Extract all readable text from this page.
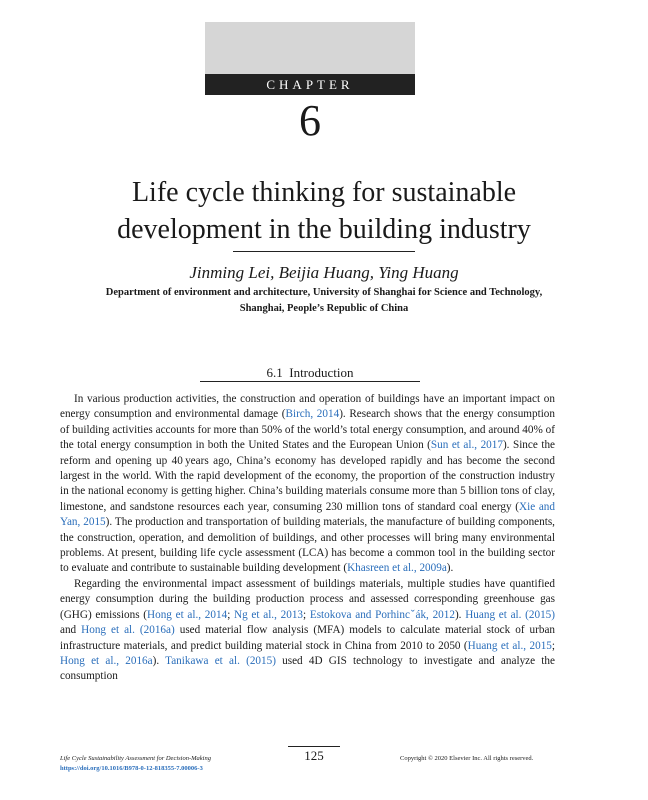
CHAPTER
6
Life cycle thinking for sustainable
development in the building industry
Jinming Lei, Beijia Huang, Ying Huang
Department of environment and architecture, University of Shanghai for Science and Technology,
Shanghai, People’s Republic of China
6.1 Introduction

In various production activities, the construction and operation of buildings have an important impact on energy consumption and environmental damage (Birch, 2014). Research shows that the energy consumption of building activities accounts for more than 50% of the world’s total energy consumption, and around 40% of the total energy consumption in both the United States and the European Union (Sun et al., 2017). Since the reform and opening up 40 years ago, China’s economy has developed rapidly and has become the second largest in the world. With the rapid development of the economy, the proportion of the construction industry in the national economy is getting higher. China’s building materials consume more than 5 billion tons of clay, limestone, and sandstone resources each year, consuming 230 million tons of standard coal energy (Xie and Yan, 2015). The production and transportation of building materials, the manufacture of building components, the construction, operation, and demolition of buildings, and other processes will bring many environmental problems. At present, building life cycle assessment (LCA) has become a common tool in the building sector to evaluate and contribute to sustainable building development (Khasreen et al., 2009a).

Regarding the environmental impact assessment of buildings materials, multiple studies have quantified energy consumption during the building production process and assessed corresponding greenhouse gas (GHG) emissions (Hong et al., 2014; Ng et al., 2013; Estokova and Porhincˇák, 2012). Huang et al. (2015) and Hong et al. (2016a) used material flow analysis (MFA) models to calculate material stock of urban infrastructure materials, and predict building material stock in China from 2010 to 2050 (Huang et al., 2015; Hong et al., 2016a). Tanikawa et al. (2015) used 4D GIS technology to investigate and analyze the consumption

125
Life Cycle Sustainability Assessment for Decision-Making
https://doi.org/10.1016/B978-0-12-818355-7.00006-3
Copyright © 2020 Elsevier Inc. All rights reserved.
